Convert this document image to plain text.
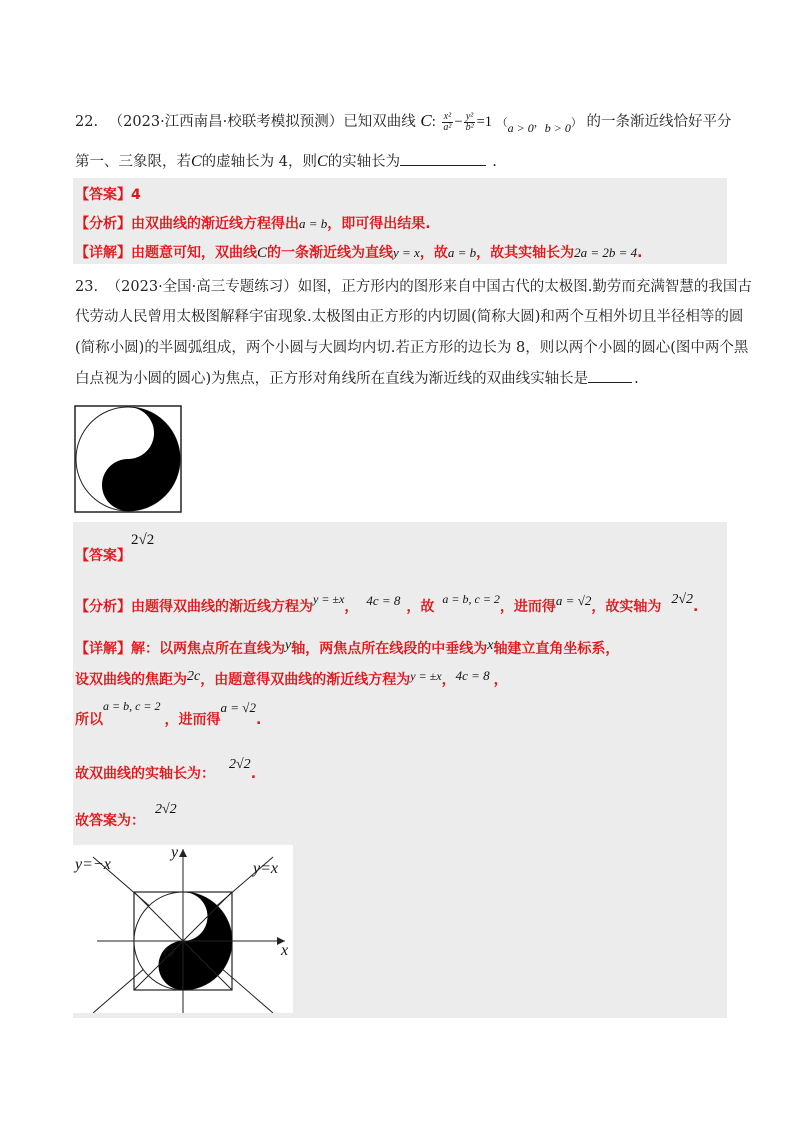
22. （2023·江西南昌·校联考模拟预测）已知双曲线 C: $\frac{\text{x²}}{\text{a²}} - \frac{\text{y²}}{\text{b²}} =1$ （$_{a > 0}$，$_{b > 0}$） 的一条渐近线恰好平分
第一、三象限，若C的虚轴长为 4，则C的实轴长为	.
【答案】4
【分析】由双曲线的渐近线方程得出a = b，即可得出结果.
【详解】由题意可知，双曲线C的一条渐近线为直线y = x，故a = b，故其实轴长为2a = 2b = 4.
23. （2023·全国·高三专题练习）如图，正方形内的图形来自中国古代的太极图.勤劳而充满智慧的我国古
代劳动人民曾用太极图解释宇宙现象.太极图由正方形的内切圆(简称大圆)和两个互相外切且半径相等的圆
(简称小圆)的半圆弧组成，两个小圆与大圆均内切.若正方形的边长为 8，则以两个小圆的圆心(图中两个黑
白点视为小圆的圆心)为焦点，正方形对角线所在直线为渐近线的双曲线实轴长是	.
【答案】
2√2
【分析】由题得双曲线的渐近线方程为y = ±x， 4c = 8 ，故 a = b, c = 2，进而得a = √2，故实轴为 2√2.
【详解】解：以两焦点所在直线为y轴，两焦点所在线段的中垂线为x轴建立直角坐标系，
设双曲线的焦距为2c，由题意得双曲线的渐近线方程为y = ±x，4c = 8 ，
所以a = b, c = 2，进而得a = √2.
故双曲线的实轴长为：2√2.
故答案为：2√2
y=−x	y=x
y
x
O
